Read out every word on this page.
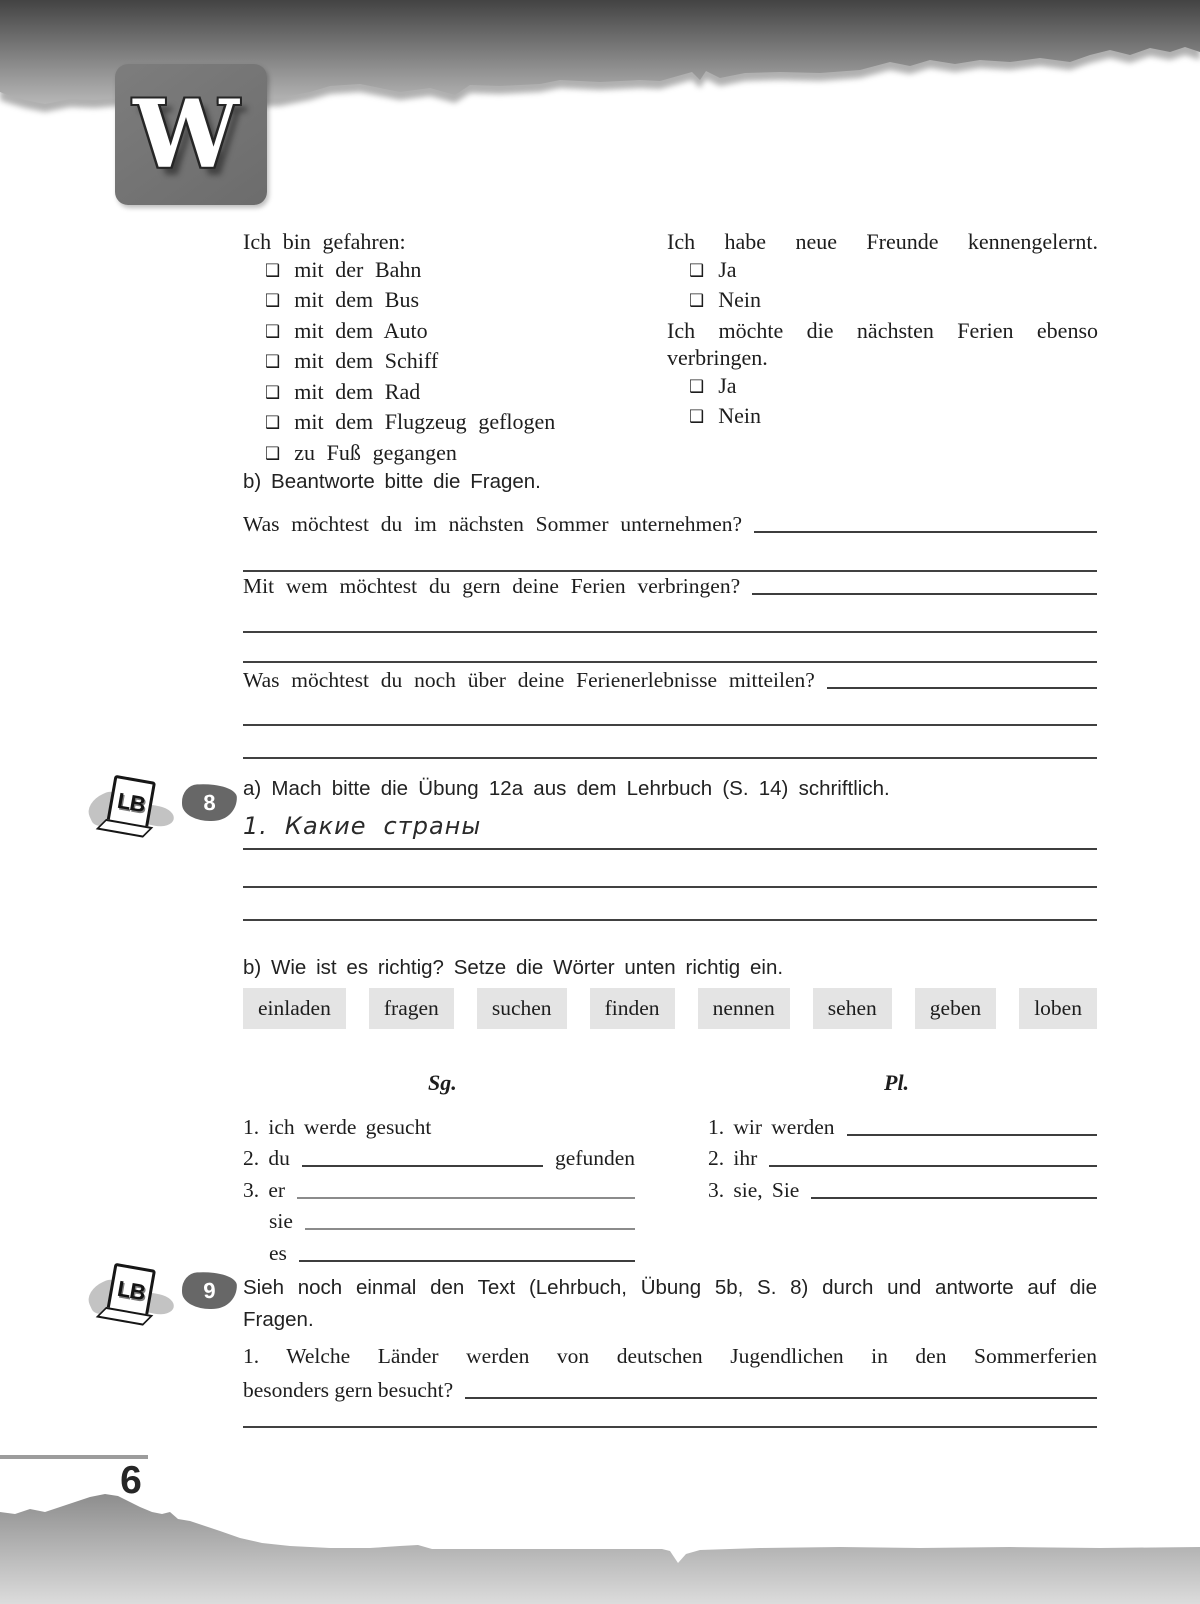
W
Ich bin gefahren:
❑ mit der Bahn
❑ mit dem Bus
❑ mit dem Auto
❑ mit dem Schiff
❑ mit dem Rad
❑ mit dem Flugzeug geflogen
❑ zu Fuß gegangen
Ich habe neue Freunde kennengelernt.
❑ Ja
❑ Nein
Ich möchte die nächsten Ferien ebenso
verbringen.
❑ Ja
❑ Nein
b) Beantworte bitte die Fragen.
Was möchtest du im nächsten Sommer unternehmen?
Mit wem möchtest du gern deine Ferien verbringen?
Was möchtest du noch über deine Ferienerlebnisse mitteilen?
LB	8
a) Mach bitte die Übung 12a aus dem Lehrbuch (S. 14) schriftlich.
1. Какие страны
b) Wie ist es richtig? Setze die Wörter unten richtig ein.
einladen	fragen	suchen	finden	nennen	sehen	geben	loben
Sg.	Pl.
1. ich werde gesucht
2. du	gefunden
3. er
sie
es
1. wir werden
2. ihr
3. sie, Sie
LB	9	Sieh noch einmal den Text (Lehrbuch, Übung 5b, S. 8) durch und antworte auf die
Fragen.
1. Welche Länder werden von deutschen Jugendlichen in den Sommerferien
besonders gern besucht?
6
